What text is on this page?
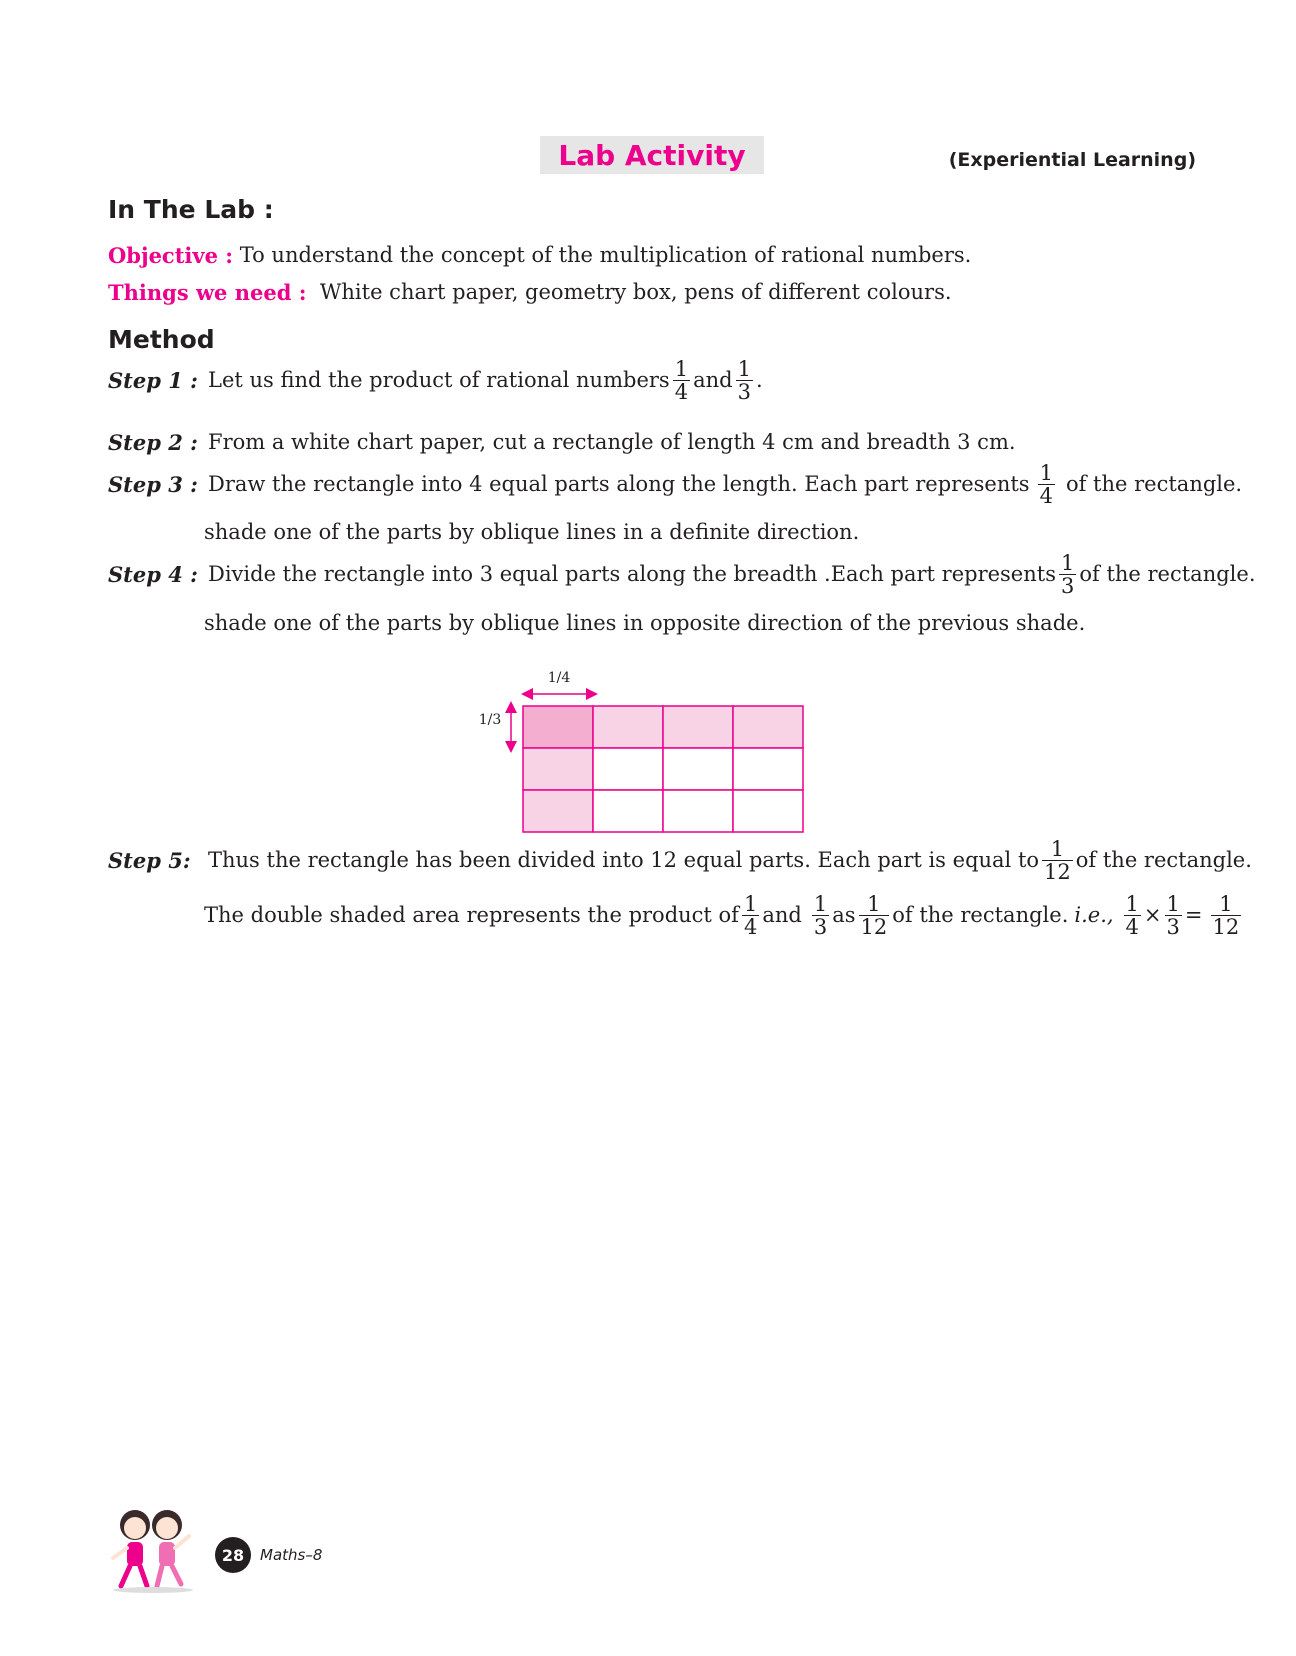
Lab Activity	(Experiential Learning)
In The Lab :
Objective :
To understand the concept of the multiplication of rational numbers.
Things we need :
White chart paper, geometry box, pens of different colours.
Method
Step 1 : Let us find the product of rational numbers $\frac{1}{4}$ and $\frac{1}{3}$ .
Step 2 : From a white chart paper, cut a rectangle of length 4 cm and breadth 3 cm.
Step 3 : Draw the rectangle into 4 equal parts along the length. Each part represents $\frac{1}{4}$ of the rectangle.
shade one of the parts by oblique lines in a definite direction.
Step 4 : Divide the rectangle into 3 equal parts along the breadth .Each part represents $\frac{1}{3}$ of the rectangle.
shade one of the parts by oblique lines in opposite direction of the previous shade.
1/4
1/3
Step 5: Thus the rectangle has been divided into 12 equal parts. Each part is equal to $\frac{1}{12}$ of the rectangle.
The double shaded area represents the product of $\frac{1}{4}$ and $\frac{1}{3}$ as $\frac{1}{12}$ of the rectangle. i.e., $\frac{1}{4} \times \frac{1}{3} = \frac{1}{12}$
28	Maths–8
